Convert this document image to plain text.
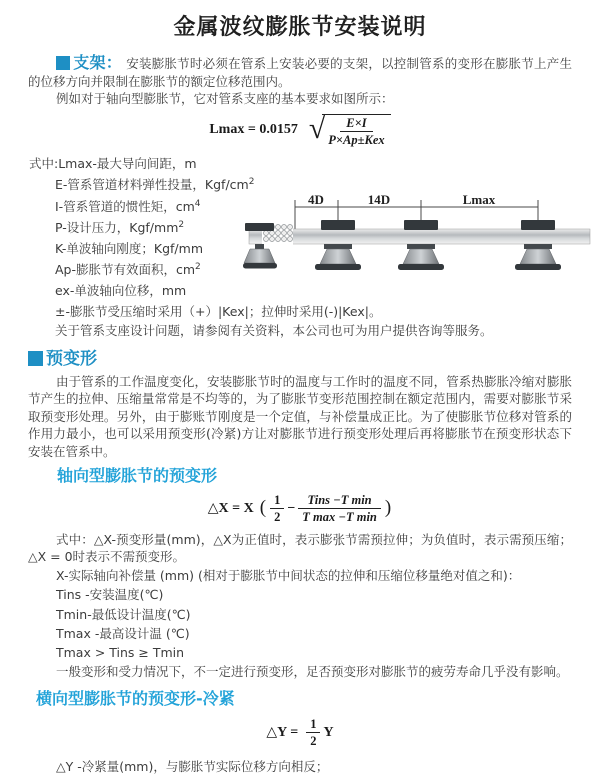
金属波纹膨胀节安装说明

支架： 安装膨胀节时必须在管系上安装必要的支架，以控制管系的变形在膨胀节上产生的位移方向并限制在膨胀节的额定位移范围内。

例如对于轴向型膨胀节，它对管系支座的基本要求如图所示：

Lmax = 0.0157 √
$\frac{E\times I}{\text{P×Ap±Kex}}$
式中:Lmax-最大导向间距，m
E-管系管道材料弹性投量，Kgf/$cm^2$
I-管系管道的惯性矩，$cm^4$
P-设计压力，Kgf/$mm^2$
K-单波轴向刚度；Kgf/mm
Ap-膨胀节有效面积，$cm^2$
ex-单波轴向位移，mm
±-膨胀节受压缩时采用（+）|Kex|；拉伸时采用(-)|Kex|。

关于管系支座设计问题，请参阅有关资料，本公司也可为用户提供咨询等服务。

4D	14D	Lmax
预变形

由于管系的工作温度变化，安装膨胀节时的温度与工作时的温度不同，管系热膨胀冷缩对膨胀节产生的拉伸、压缩量常常是不均等的，为了膨胀节变形范围控制在额定范围内，需要对膨胀节采取预变形处理。另外，由于膨账节刚度是一个定值，与补偿量成正比。为了使膨胀节位移对管系的作用力最小，也可以采用预变形(冷紧)方让对膨胀节进行预变形处理后再将膨胀节在预变形状态下安装在管系中。

轴向型膨胀节的预变形
△X = X ( $\frac{1}{2} - \frac{\text{Tins −T min}}{\text{T max −T min}}$ )

式中：△X-预变形量(mm)，△X为正值时，表示膨张节需预拉伸；为负值时，表示需预压缩；△X = 0时表示不需预变形。

X-实际轴向补偿量 (mm) (相对于膨胀节中间状态的拉伸和压缩位移量绝对值之和)：
Tins -安装温度(℃)
Tmin-最低设计温度(℃)
Tmax -最高设计温 (℃)
Tmax > Tins ≥ Tmin

一般变形和受力情况下，不一定进行预变形，足否预变形对膨胀节的疲劳寿命几乎没有影响。

横向型膨胀节的预变形-冷紧
△Y = $\frac{1}{2}$ Y

△Y -冷紧量(mm)，与膨胀节实际位移方向相反；
